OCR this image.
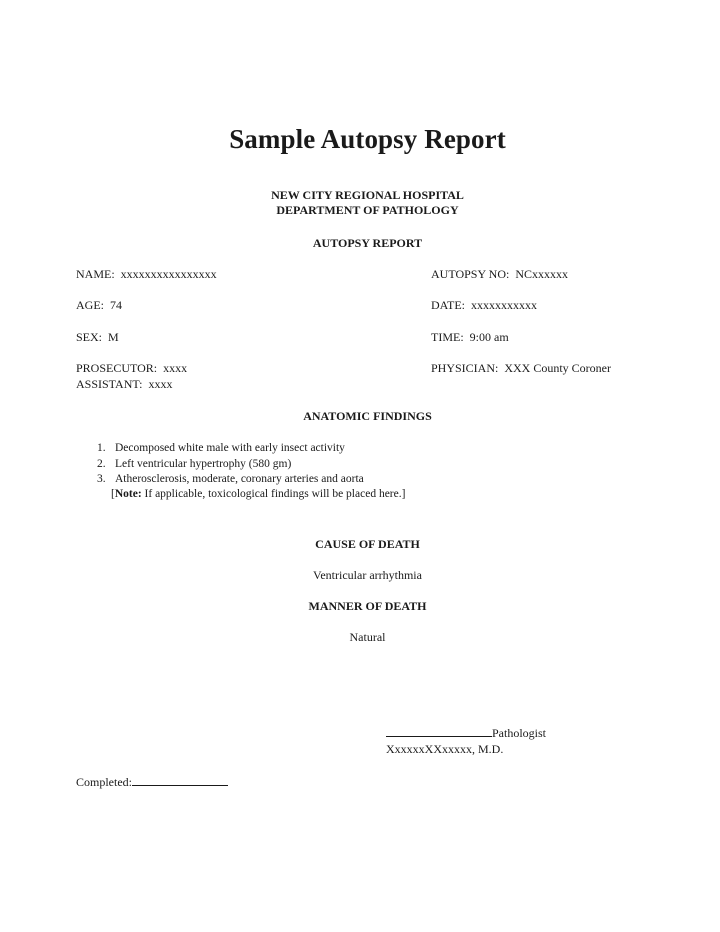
Sample Autopsy Report
NEW CITY REGIONAL HOSPITAL
DEPARTMENT OF PATHOLOGY
AUTOPSY REPORT
NAME: xxxxxxxxxxxxxxxx	AUTOPSY NO: NCxxxxxx
AGE: 74	DATE: xxxxxxxxxxx
SEX: M	TIME: 9:00 am
PROSECUTOR: xxxx	PHYSICIAN: XXX County Coroner
ASSISTANT: xxxx
ANATOMIC FINDINGS
1. Decomposed white male with early insect activity
2. Left ventricular hypertrophy (580 gm)
3. Atherosclerosis, moderate, coronary arteries and aorta
[Note: If applicable, toxicological findings will be placed here.]
CAUSE OF DEATH
Ventricular arrhythmia
MANNER OF DEATH
Natural
Pathologist
XxxxxxXXxxxxx, M.D.
Completed:
